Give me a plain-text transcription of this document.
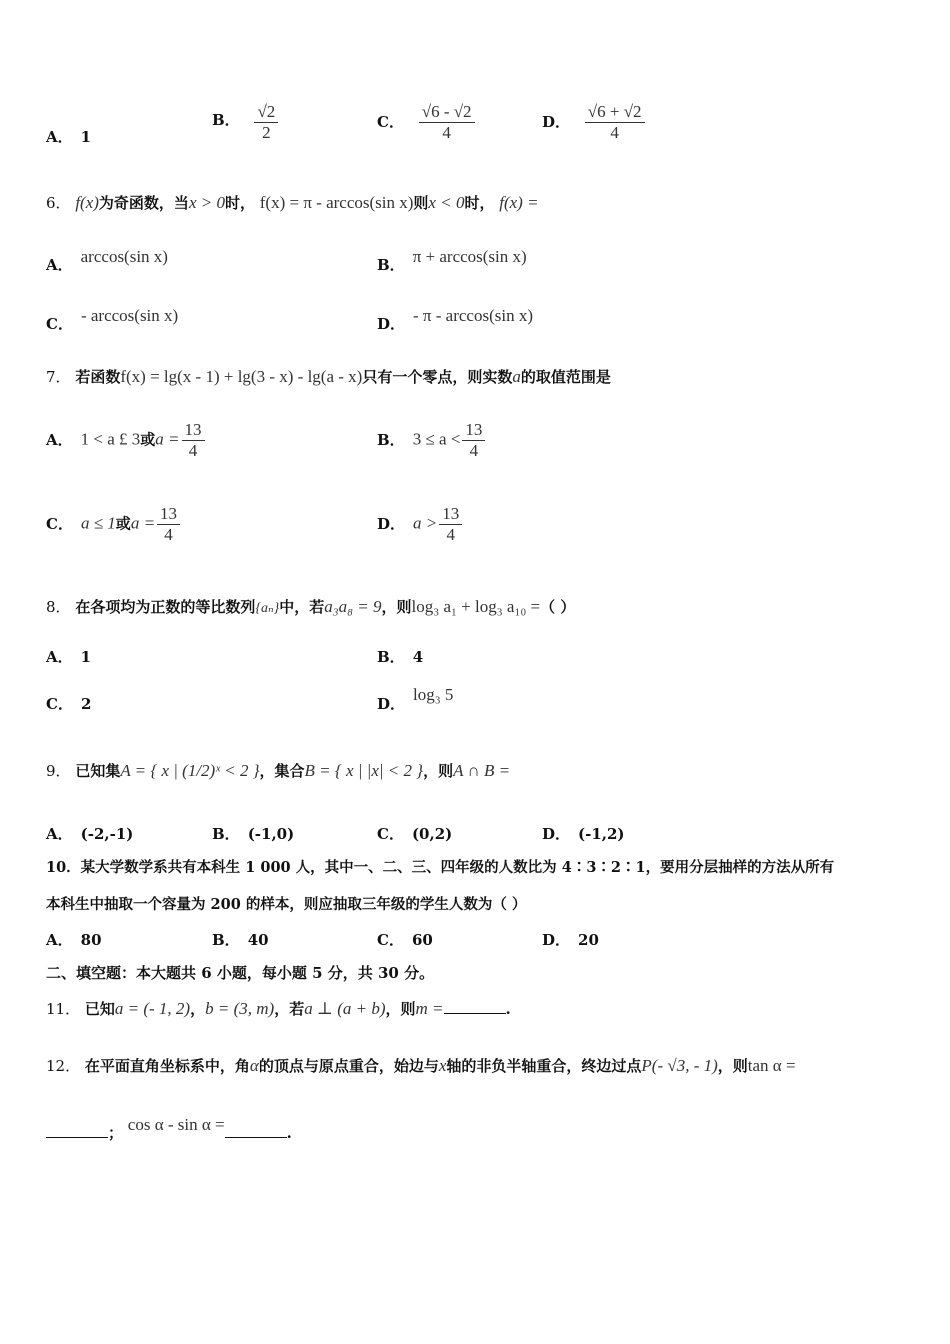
A． 1
B． $\frac{√2}{2}$	C． $\frac{√6 - √2}{4}$	D． $\frac{√6 + √2}{4}$
6． f(x)为奇函数，当x > 0时， f(x) = π - arccos(sin x)则x < 0时， f(x) =
A． arccos(sin x)	B． π + arccos(sin x)
C． - arccos(sin x)	D． - π - arccos(sin x)
7． 若函数f(x) = lg(x - 1) + lg(3 - x) - lg(a - x)只有一个零点，则实数a的取值范围是
A． 1 < a £ 3或$a = \frac{13}{4}$	B． $3 \le a < \frac{13}{4}$
C． a ≤ 1或$a = \frac{13}{4}$	D． $a > \frac{13}{4}$
8． 在各项均为正数的等比数列{aₙ}中，若a₃a₈ = 9，则log₃ a₁ + log₃ a₁₀ =（ ）
A． 1	B． 4
C． 2	D． log₃ 5
9． 已知集A = { x | (1/2)ˣ < 2 }，集合B = { x | |x| < 2 }，则A ∩ B =
A． (-2,-1)	B． (-1,0)	C． (0,2)	D． (-1,2)
10．某大学数学系共有本科生 1 000 人，其中一、二、三、四年级的人数比为 4∶3∶2∶1，要用分层抽样的方法从所有
本科生中抽取一个容量为 200 的样本，则应抽取三年级的学生人数为（ ）
A． 80	B． 40	C． 60	D． 20
二、填空题：本大题共 6 小题，每小题 5 分，共 30 分。
11． 已知a = (- 1, 2)，b = (3, m)，若a ⊥ (a + b)，则m =	.
12． 在平面直角坐标系中，角α的顶点与原点重合，始边与x轴的非负半轴重合，终边过点P(- √3, - 1)，则tan α =
； cos α - sin α =	.
